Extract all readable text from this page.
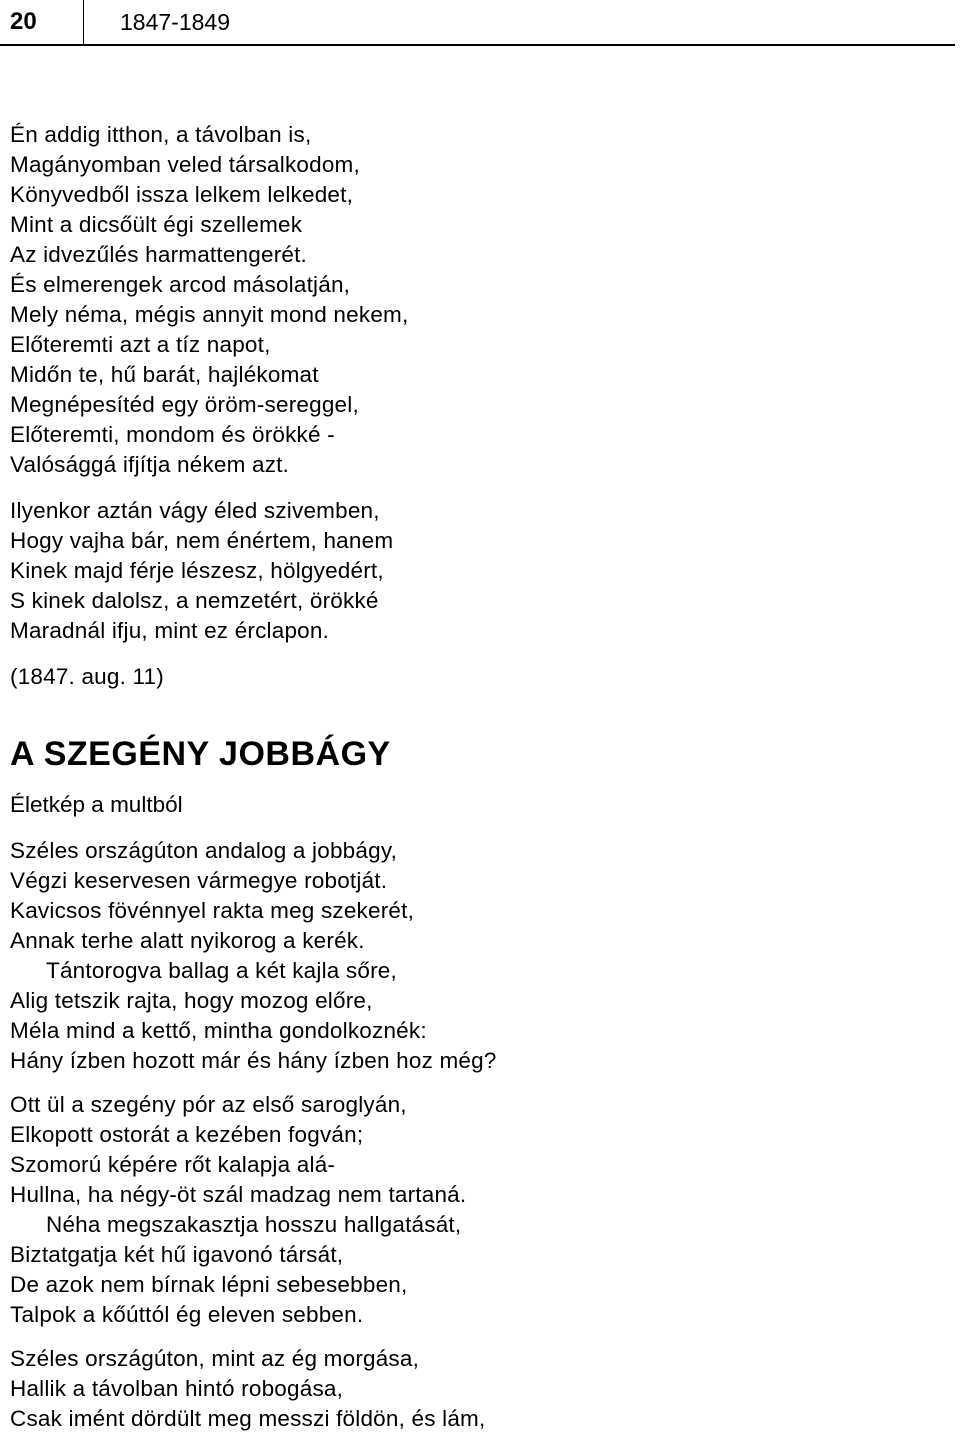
20	1847-1849
Én addig itthon, a távolban is,
Magányomban veled társalkodom,
Könyvedből issza lelkem lelkedet,
Mint a dicsőült égi szellemek
Az idvezűlés harmattengerét.
És elmerengek arcod másolatján,
Mely néma, mégis annyit mond nekem,
Előteremti azt a tíz napot,
Midőn te, hű barát, hajlékomat
Megnépesítéd egy öröm-sereggel,
Előteremti, mondom és örökké -
Valósággá ifjítja nékem azt.
Ilyenkor aztán vágy éled szivemben,
Hogy vajha bár, nem énértem, hanem
Kinek majd férje lészesz, hölgyedért,
S kinek dalolsz, a nemzetért, örökké
Maradnál ifju, mint ez érclapon.
(1847. aug. 11)
A SZEGÉNY JOBBÁGY
Életkép a multból
Széles országúton andalog a jobbágy,
Végzi keservesen vármegye robotját.
Kavicsos fövénnyel rakta meg szekerét,
Annak terhe alatt nyikorog a kerék.
Tántorogva ballag a két kajla sőre,
Alig tetszik rajta, hogy mozog előre,
Méla mind a kettő, mintha gondolkoznék:
Hány ízben hozott már és hány ízben hoz még?
Ott ül a szegény pór az első saroglyán,
Elkopott ostorát a kezében fogván;
Szomorú képére rőt kalapja alá-
Hullna, ha négy-öt szál madzag nem tartaná.
Néha megszakasztja hosszu hallgatását,
Biztatgatja két hű igavonó társát,
De azok nem bírnak lépni sebesebben,
Talpok a kőúttól ég eleven sebben.
Széles országúton, mint az ég morgása,
Hallik a távolban hintó robogása,
Csak imént dördült meg messzi földön, és lám,
